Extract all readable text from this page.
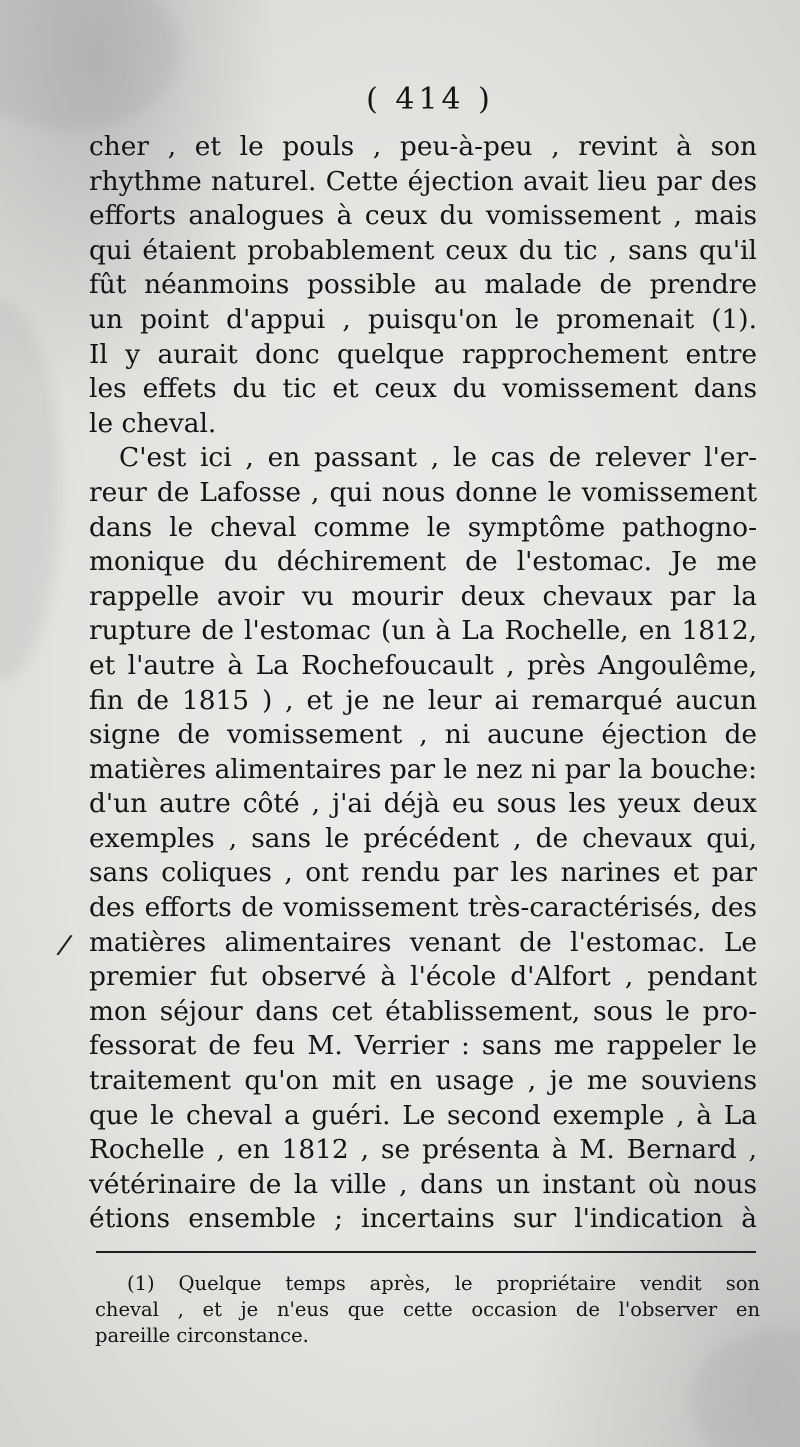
( 414 )
cher , et le pouls , peu-à-peu , revint à son
rhythme naturel. Cette éjection avait lieu par des
efforts analogues à ceux du vomissement , mais
qui étaient probablement ceux du tic , sans qu'il
fût néanmoins possible au malade de prendre
un point d'appui , puisqu'on le promenait (1).
Il y aurait donc quelque rapprochement entre
les effets du tic et ceux du vomissement dans
le cheval.
C'est ici , en passant , le cas de relever l'er-
reur de Lafosse , qui nous donne le vomissement
dans le cheval comme le symptôme pathogno-
monique du déchirement de l'estomac. Je me
rappelle avoir vu mourir deux chevaux par la
rupture de l'estomac (un à La Rochelle, en 1812,
et l'autre à La Rochefoucault , près Angoulême,
fin de 1815 ) , et je ne leur ai remarqué aucun
signe de vomissement , ni aucune éjection de
matières alimentaires par le nez ni par la bouche:
d'un autre côté , j'ai déjà eu sous les yeux deux
exemples , sans le précédent , de chevaux qui,
sans coliques , ont rendu par les narines et par
des efforts de vomissement très-caractérisés, des
matières alimentaires venant de l'estomac. Le
premier fut observé à l'école d'Alfort , pendant
mon séjour dans cet établissement, sous le pro-
fessorat de feu M. Verrier : sans me rappeler le
traitement qu'on mit en usage , je me souviens
que le cheval a guéri. Le second exemple , à La
Rochelle , en 1812 , se présenta à M. Bernard ,
vétérinaire de la ville , dans un instant où nous
étions ensemble ; incertains sur l'indication à
/
(1) Quelque temps après, le propriétaire vendit son
cheval , et je n'eus que cette occasion de l'observer en
pareille circonstance.
